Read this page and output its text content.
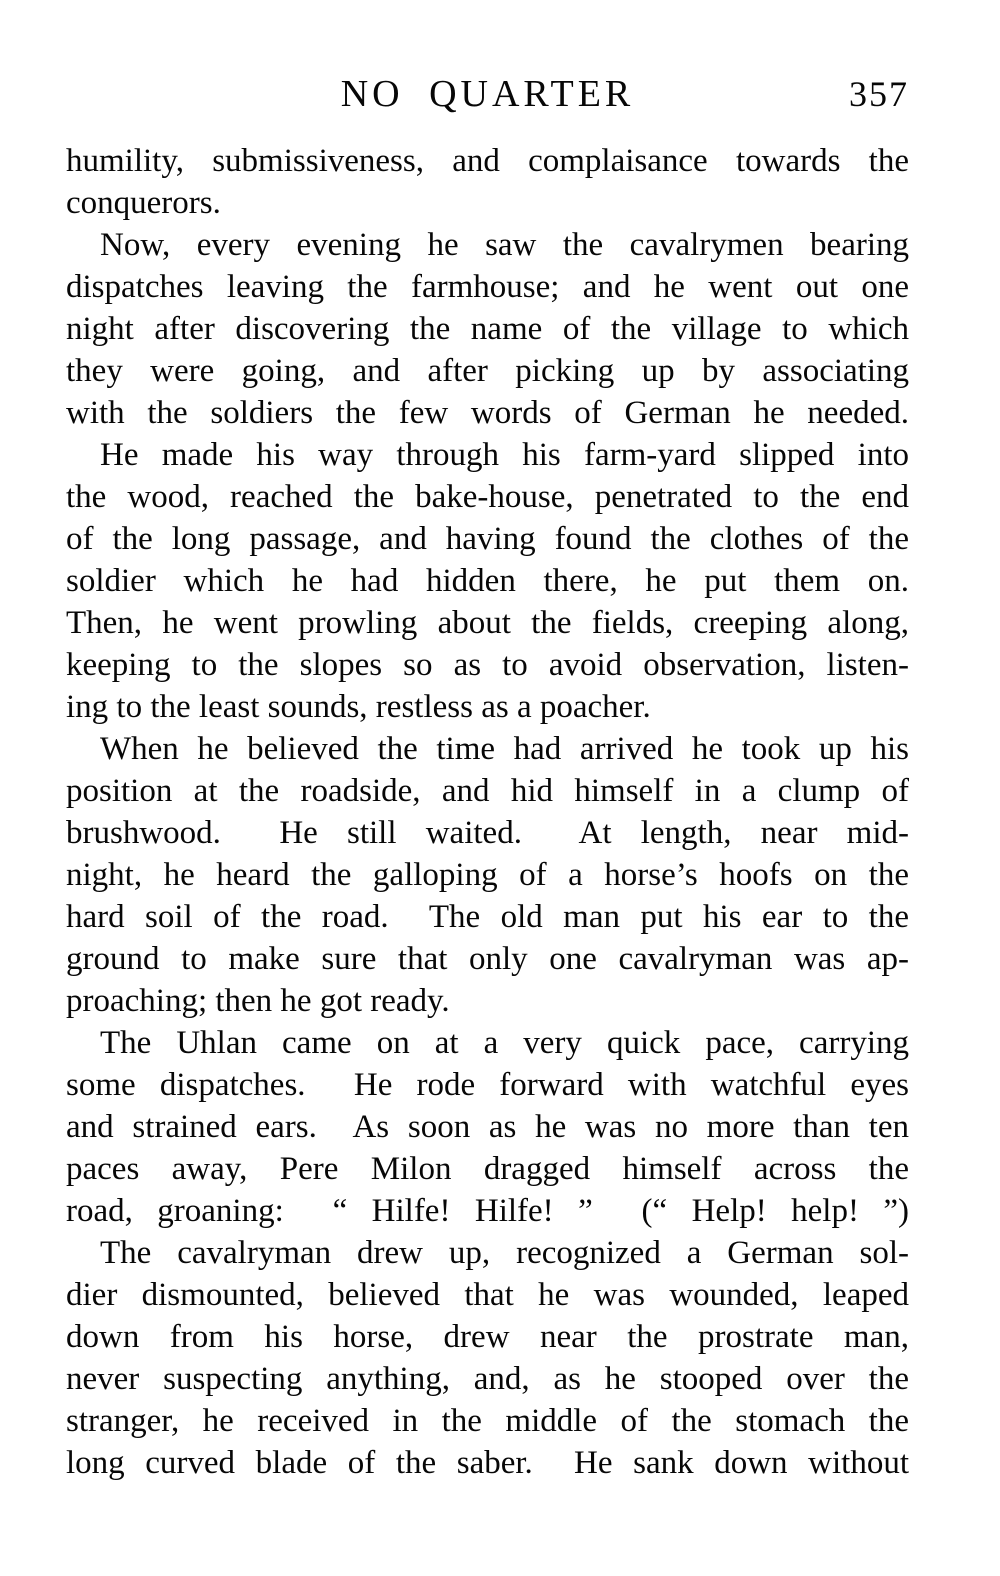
NO QUARTER	357
humility, submissiveness, and complaisance towards the
conquerors.
Now, every evening he saw the cavalrymen bearing
dispatches leaving the farmhouse; and he went out one
night after discovering the name of the village to which
they were going, and after picking up by associating
with the soldiers the few words of German he needed.
He made his way through his farm-yard slipped into
the wood, reached the bake-house, penetrated to the end
of the long passage, and having found the clothes of the
soldier which he had hidden there, he put them on.
Then, he went prowling about the fields, creeping along,
keeping to the slopes so as to avoid observation, listen-
ing to the least sounds, restless as a poacher.
When he believed the time had arrived he took up his
position at the roadside, and hid himself in a clump of
brushwood.  He still waited.  At length, near mid-
night, he heard the galloping of a horse’s hoofs on the
hard soil of the road.  The old man put his ear to the
ground to make sure that only one cavalryman was ap-
proaching; then he got ready.
The Uhlan came on at a very quick pace, carrying
some dispatches.  He rode forward with watchful eyes
and strained ears.  As soon as he was no more than ten
paces away, Pere Milon dragged himself across the
road, groaning:  “ Hilfe! Hilfe! ”  (“ Help! help! ”)
The cavalryman drew up, recognized a German sol-
dier dismounted, believed that he was wounded, leaped
down from his horse, drew near the prostrate man,
never suspecting anything, and, as he stooped over the
stranger, he received in the middle of the stomach the
long curved blade of the saber.  He sank down without
